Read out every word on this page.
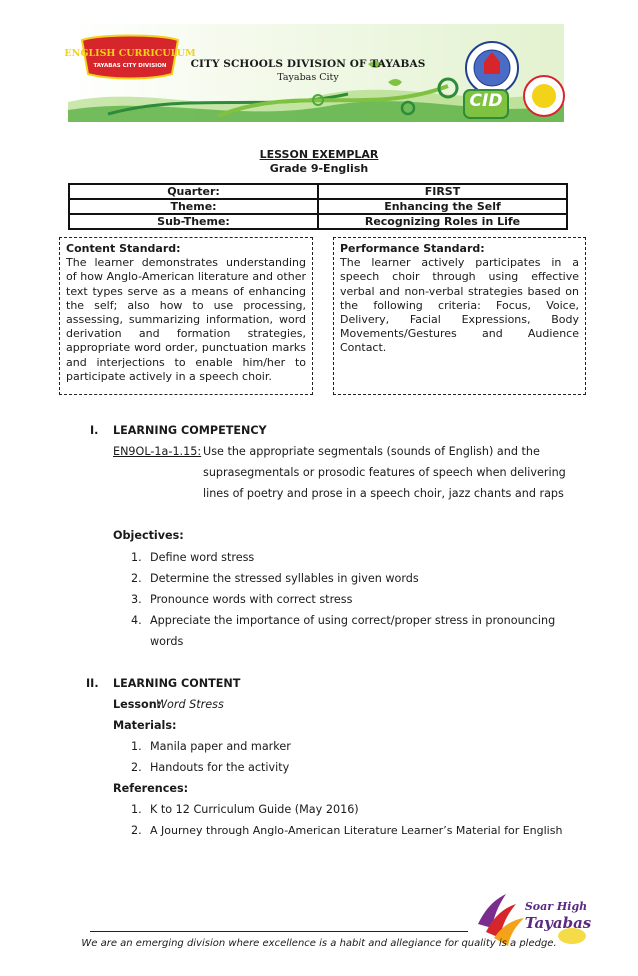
ENGLISH CURRICULUM
TAYABAS CITY DIVISION
CID
CITY SCHOOLS DIVISION OF TAYABAS
Tayabas City
LESSON EXEMPLAR
Grade 9-English
Quarter:	FIRST
Theme:	Enhancing the Self
Sub-Theme:	Recognizing Roles in Life
Content Standard:
The learner demonstrates understanding of how Anglo-American literature and other text types serve as a means of enhancing the self; also how to use processing, assessing, summarizing information, word derivation and formation strategies, appropriate word order, punctuation marks and interjections to enable him/her to participate actively in a speech choir.
Performance Standard:
The learner actively participates in a speech choir through using effective verbal and non-verbal strategies based on the following criteria: Focus, Voice, Delivery, Facial Expressions, Body Movements/Gestures and Audience Contact.
I. LEARNING COMPETENCY
EN9OL-1a-1.15: Use the appropriate segmentals (sounds of English) and the
suprasegmentals or prosodic features of speech when delivering
lines of poetry and prose in a speech choir, jazz chants and raps
Objectives:
1. Define word stress
2. Determine the stressed syllables in given words
3. Pronounce words with correct stress
4. Appreciate the importance of using correct/proper stress in pronouncing
words
II. LEARNING CONTENT
Lesson:
Word Stress
Materials:
1. Manila paper and marker
2. Handouts for the activity
References:
1. K to 12 Curriculum Guide (May 2016)
2. A Journey through Anglo-American Literature Learner’s Material for English
Soar High
Tayabas
We are an emerging division where excellence is a habit and allegiance for quality is a pledge.
